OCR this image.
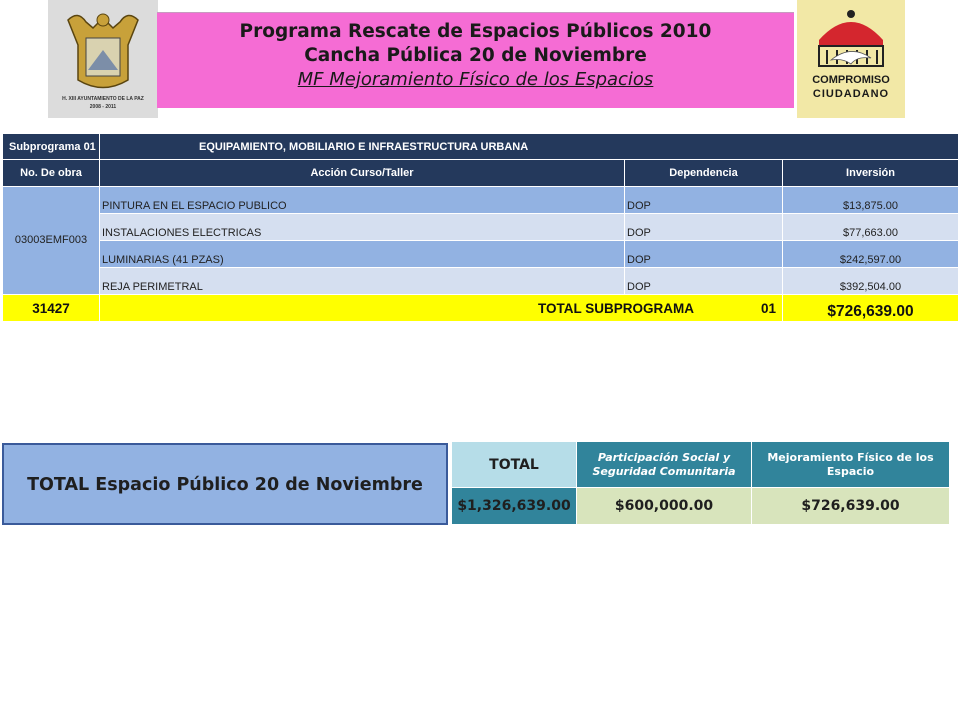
H. XIII AYUNTAMIENTO DE LA PAZ
2008 - 2011
Programa Rescate de Espacios Públicos 2010
Cancha Pública 20 de Noviembre
MF Mejoramiento Físico de los Espacios	COMPROMISO
CIUDADANO
Subprograma 01	EQUIPAMIENTO, MOBILIARIO E INFRAESTRUCTURA URBANA		
No. De obra	Acción Curso/Taller	Dependencia	Inversión
03003EMF003	PINTURA EN EL ESPACIO PUBLICO	DOP	$13,875.00
	INSTALACIONES ELECTRICAS	DOP	$77,663.00
	LUMINARIAS (41 PZAS)	DOP	$242,597.00
	REJA PERIMETRAL	DOP	$392,504.00
31427	TOTAL SUBPROGRAMA 01		$726,639.00
TOTAL Espacio Público 20 de Noviembre
TOTAL	Participación Social y Seguridad Comunitaria	Mejoramiento Físico de los Espacio
$1,326,639.00	$600,000.00	$726,639.00
